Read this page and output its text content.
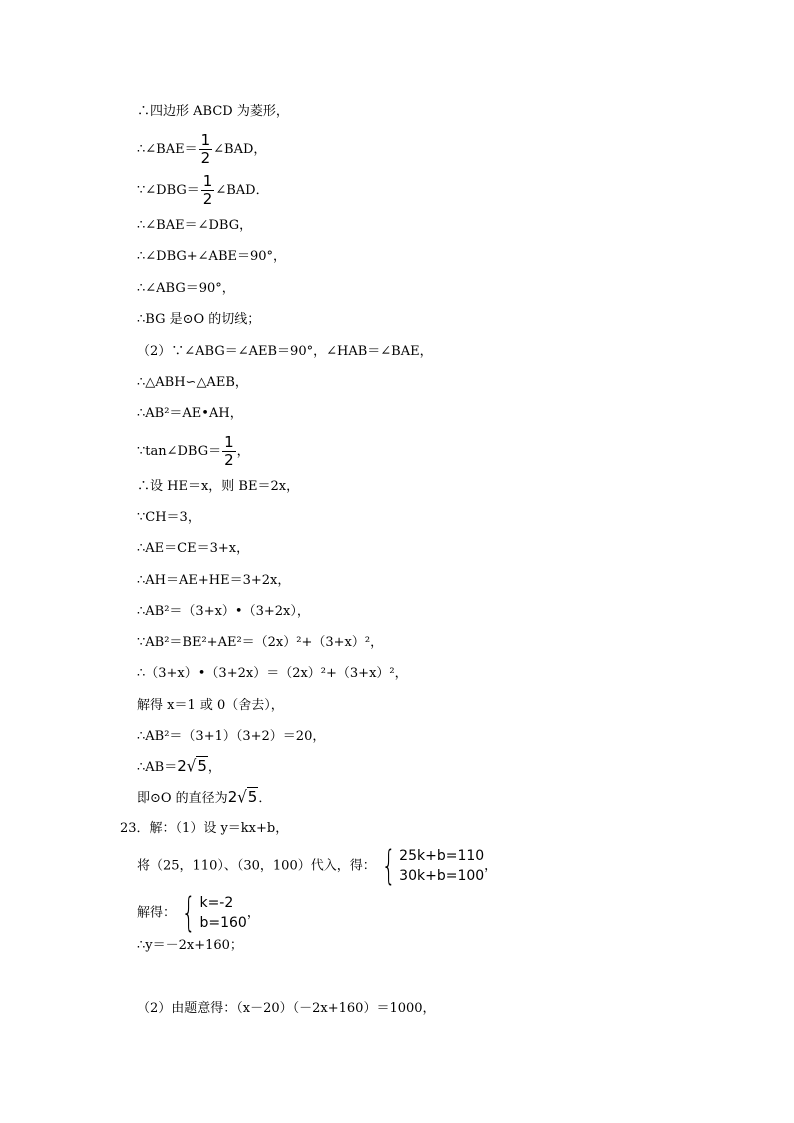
∴四边形 ABCD 为菱形，
∴∠BAE＝ $\frac{1}{2}$ ∠BAD，
∵∠DBG＝ $\frac{1}{2}$ ∠BAD．
∴∠BAE＝∠DBG，
∴∠DBG+∠ABE＝90°，
∴∠ABG＝90°，
∴BG 是⊙O 的切线；
（2）∵∠ABG＝∠AEB＝90°，∠HAB＝∠BAE，
∴△ABH∽△AEB，
∴AB²＝AE•AH，
∵tan∠DBG＝ $\frac{1}{2}$ ，
∴设 HE＝x，则 BE＝2x，
∵CH＝3，
∴AE＝CE＝3+x，
∴AH＝AE+HE＝3+2x，
∴AB²＝（3+x）•（3+2x），
∵AB²＝BE²+AE²＝（2x）²+（3+x）²，
∴（3+x）•（3+2x）＝（2x）²+（3+x）²，
解得 x＝1 或 0（舍去），
∴AB²＝（3+1）（3+2）＝20，
∴AB＝2√5，
即⊙O 的直径为2√5．
23．解：（1）设 y＝kx+b，
将（25，110）、（30，100）代入，得： { 25k+b=110
30k+b=100
，
解得： { k=-2
b=160
，
∴y＝－2x+160；
（2）由题意得：（x－20）（－2x+160）＝1000，
